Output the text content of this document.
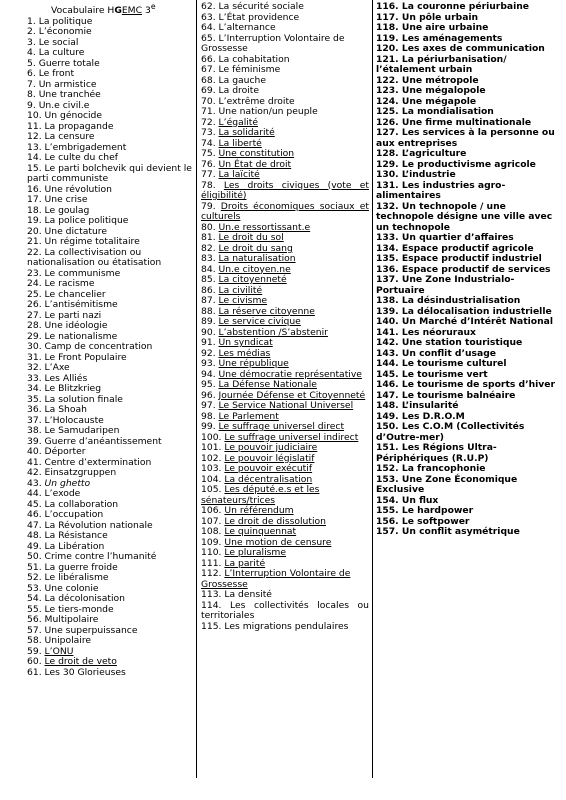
Vocabulaire HGEMC 3e
1. La politique
2. L’économie
3. Le social
4. La culture
5. Guerre totale
6. Le front
7. Un armistice
8. Une tranchée
9. Un.e civil.e
10. Un génocide
11. La propagande
12. La censure
13. L’embrigadement
14. Le culte du chef
15. Le parti bolchevik qui devient le parti communiste
16. Une révolution
17. Une crise
18. Le goulag
19. La police politique
20. Une dictature
21. Un régime totalitaire
22. La collectivisation ou nationalisation ou étatisation
23. Le communisme
24. Le racisme
25. Le chancelier
26. L’antisémitisme
27. Le parti nazi
28. Une idéologie
29. Le nationalisme
30. Camp de concentration
31. Le Front Populaire
32. L’Axe
33. Les Alliés
34. Le Blitzkrieg
35. La solution finale
36. La Shoah
37. L’Holocauste
38. Le Samudaripen
39. Guerre d’anéantissement
40. Déporter
41. Centre d’extermination
42. Einsatzgruppen
43. Un ghetto
44. L’exode
45. La collaboration
46. L’occupation
47. La Révolution nationale
48. La Résistance
49. La Libération
50. Crime contre l’humanité
51. La guerre froide
52. Le libéralisme
53. Une colonie
54. La décolonisation
55. Le tiers-monde
56. Multipolaire
57. Une superpuissance
58. Unipolaire
59. L’ONU
60. Le droit de veto
61. Les 30 Glorieuses
62. La sécurité sociale
63. L’État providence
64. L’alternance
65. L’Interruption Volontaire de Grossesse
66. La cohabitation
67. Le féminisme
68. La gauche
69. La droite
70. L’extrême droite
71. Une nation/un peuple
72. L’égalité
73. La solidarité
74. La liberté
75. Une constitution
76. Un État de droit
77. La laïcité
78. Les droits civiques (vote et éligibilité)
79. Droits économiques sociaux et culturels
80. Un.e ressortissant.e
81. Le droit du sol
82. Le droit du sang
83. La naturalisation
84. Un.e citoyen.ne
85. La citoyenneté
86. La civilité
87. Le civisme
88. La réserve citoyenne
89. Le service civique
90. L’abstention /S’abstenir
91. Un syndicat
92. Les médias
93. Une république
94. Une démocratie représentative
95. La Défense Nationale
96. Journée Défense et Citoyenneté
97. Le Service National Universel
98. Le Parlement
99. Le suffrage universel direct
100. Le suffrage universel indirect
101. Le pouvoir judiciaire
102. Le pouvoir législatif
103. Le pouvoir exécutif
104. La décentralisation
105. Les député.e.s et les sénateurs/trices
106. Un référendum
107. Le droit de dissolution
108. Le quinquennat
109. Une motion de censure
110. Le pluralisme
111. La parité
112. L’Interruption Volontaire de Grossesse
113. La densité
114. Les collectivités locales ou territoriales
115. Les migrations pendulaires
116. La couronne périurbaine
117. Un pôle urbain
118. Une aire urbaine
119. Les aménagements
120. Les axes de communication
121. La périurbanisation/ l’étalement urbain
122. Une métropole
123. Une mégalopole
124. Une mégapole
125. La mondialisation
126. Une firme multinationale
127. Les services à la personne ou aux entreprises
128. L’agriculture
129. Le productivisme agricole
130. L’industrie
131. Les industries agro-alimentaires
132. Un technopole / une technopole désigne une ville avec un technopole
133. Un quartier d’affaires
134. Espace productif agricole
135. Espace productif industriel
136. Espace productif de services
137. Une Zone Industrialo-Portuaire
138. La désindustrialisation
139. La délocalisation industrielle
140. Un Marché d’Intérêt National
141. Les néoruraux
142. Une station touristique
143. Un conflit d’usage
144. Le tourisme culturel
145. Le tourisme vert
146. Le tourisme de sports d’hiver
147. Le tourisme balnéaire
148. L’insularité
149. Les D.R.O.M
150. Les C.O.M (Collectivités d’Outre-mer)
151. Les Régions Ultra-Périphériques (R.U.P)
152. La francophonie
153. Une Zone Économique Exclusive
154. Un flux
155. Le hardpower
156. Le softpower
157. Un conflit asymétrique
